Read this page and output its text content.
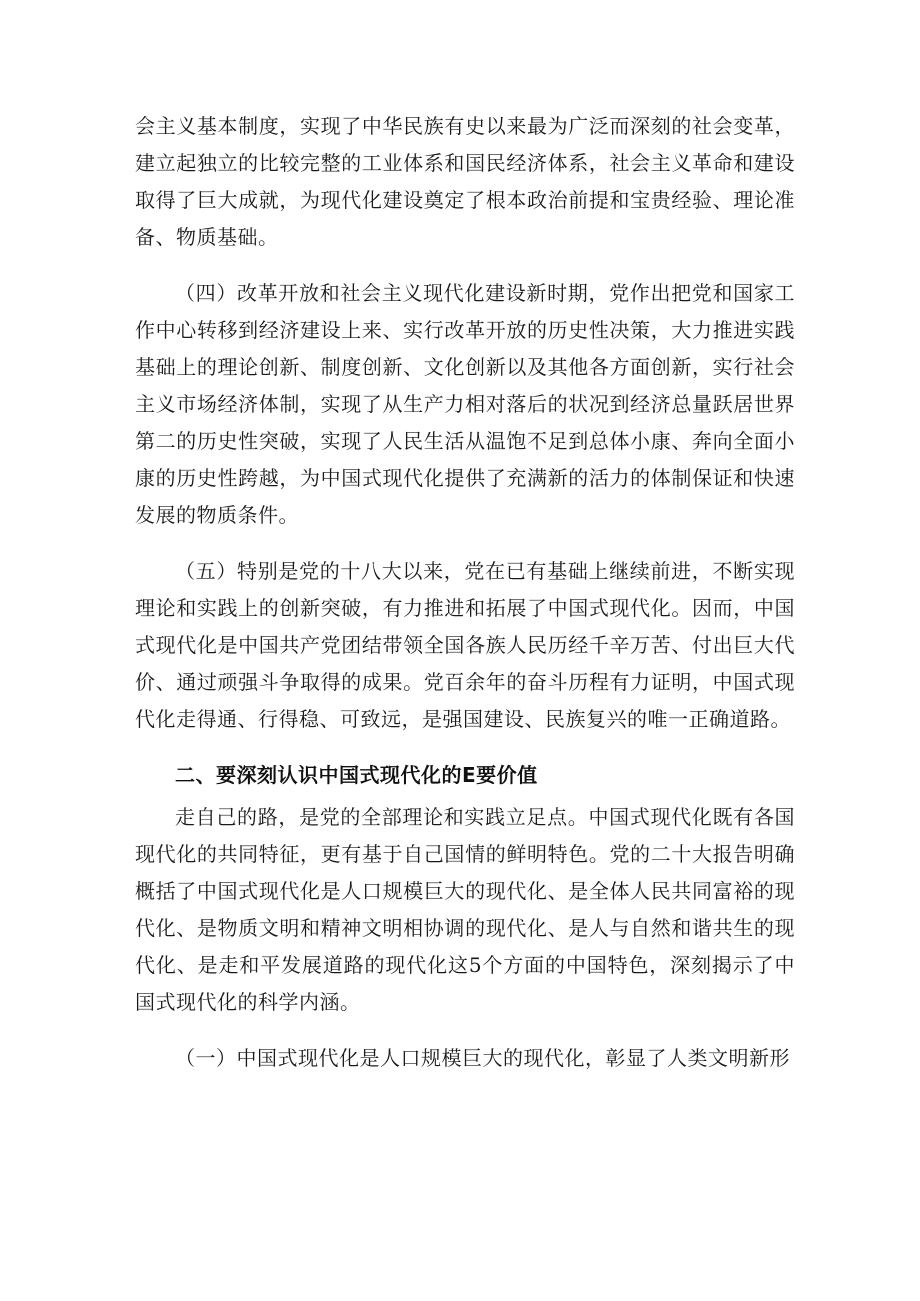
会主义基本制度，实现了中华民族有史以来最为广泛而深刻的社会变革，建立起独立的比较完整的工业体系和国民经济体系，社会主义革命和建设取得了巨大成就，为现代化建设奠定了根本政治前提和宝贵经验、理论准备、物质基础。

（四）改革开放和社会主义现代化建设新时期，党作出把党和国家工作中心转移到经济建设上来、实行改革开放的历史性决策，大力推进实践基础上的理论创新、制度创新、文化创新以及其他各方面创新，实行社会主义市场经济体制，实现了从生产力相对落后的状况到经济总量跃居世界第二的历史性突破，实现了人民生活从温饱不足到总体小康、奔向全面小康的历史性跨越，为中国式现代化提供了充满新的活力的体制保证和快速发展的物质条件。

（五）特别是党的十八大以来，党在已有基础上继续前进，不断实现理论和实践上的创新突破，有力推进和拓展了中国式现代化。因而，中国式现代化是中国共产党团结带领全国各族人民历经千辛万苦、付出巨大代价、通过顽强斗争取得的成果。党百余年的奋斗历程有力证明，中国式现代化走得通、行得稳、可致远，是强国建设、民族复兴的唯一正确道路。

二、要深刻认识中国式现代化的E要价值

走自己的路，是党的全部理论和实践立足点。中国式现代化既有各国现代化的共同特征，更有基于自己国情的鲜明特色。党的二十大报告明确概括了中国式现代化是人口规模巨大的现代化、是全体人民共同富裕的现代化、是物质文明和精神文明相协调的现代化、是人与自然和谐共生的现代化、是走和平发展道路的现代化这5个方面的中国特色，深刻揭示了中国式现代化的科学内涵。

（一）中国式现代化是人口规模巨大的现代化，彰显了人类文明新形
